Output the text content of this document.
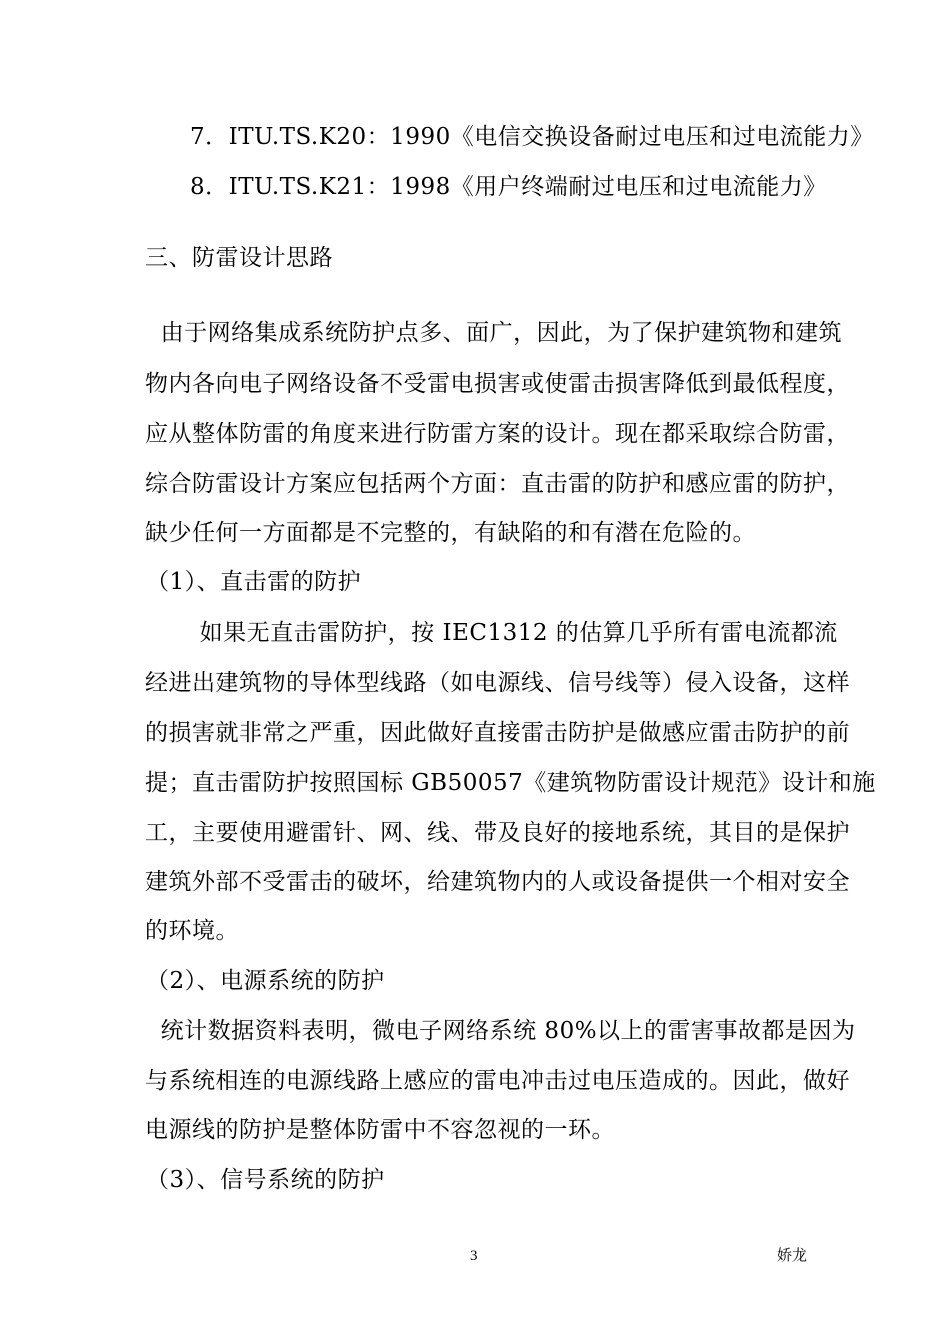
7．ITU.TS.K20：1990《电信交换设备耐过电压和过电流能力》
8．ITU.TS.K21：1998《用户终端耐过电压和过电流能力》
三、防雷设计思路
由于网络集成系统防护点多、面广，因此，为了保护建筑物和建筑
物内各向电子网络设备不受雷电损害或使雷击损害降低到最低程度，
应从整体防雷的角度来进行防雷方案的设计。现在都采取综合防雷，
综合防雷设计方案应包括两个方面：直击雷的防护和感应雷的防护，
缺少任何一方面都是不完整的，有缺陷的和有潜在危险的。
（1）、直击雷的防护
如果无直击雷防护，按 IEC1312 的估算几乎所有雷电流都流
经进出建筑物的导体型线路（如电源线、信号线等）侵入设备，这样
的损害就非常之严重，因此做好直接雷击防护是做感应雷击防护的前
提；直击雷防护按照国标 GB50057《建筑物防雷设计规范》设计和施
工，主要使用避雷针、网、线、带及良好的接地系统，其目的是保护
建筑外部不受雷击的破坏，给建筑物内的人或设备提供一个相对安全
的环境。
（2）、电源系统的防护
统计数据资料表明，微电子网络系统 80%以上的雷害事故都是因为
与系统相连的电源线路上感应的雷电冲击过电压造成的。因此，做好
电源线的防护是整体防雷中不容忽视的一环。
（3）、信号系统的防护
3	娇龙
